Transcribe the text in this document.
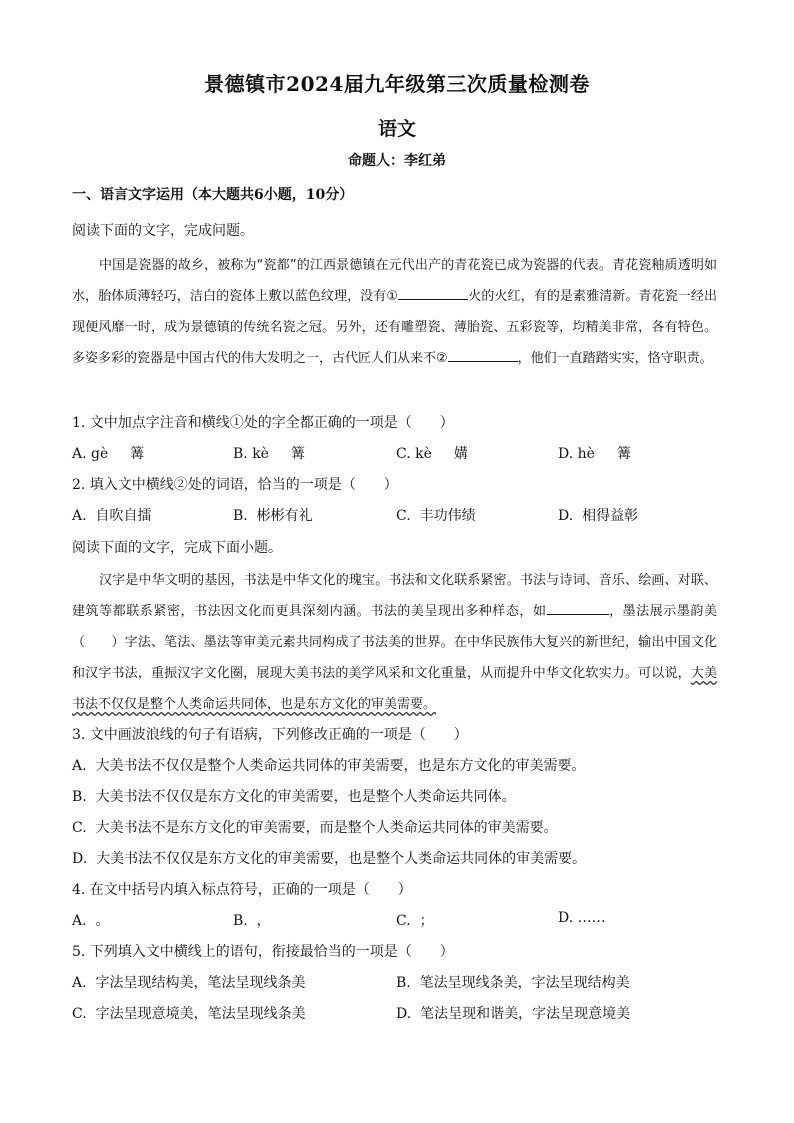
景德镇市2024届九年级第三次质量检测卷
语文
命题人：李红弟
一、语言文字运用（本大题共6小题，10分）
阅读下面的文字，完成问题。
中国是瓷器的故乡，被称为“瓷都”的江西景德镇在元代出产的青花瓷已成为瓷器的代表。青花瓷釉质透明如水，胎体质薄轻巧，洁白的瓷体上敷以蓝色纹理，没有①	火的火红，有的是素雅清新。青花瓷一经出现便风靡一时，成为景德镇的传统名瓷之冠。另外，还有雕塑瓷、薄胎瓷、五彩瓷等，均精美非常，各有特色。多姿多彩的瓷器是中国古代的伟大发明之一，古代匠人们从来不②	，他们一直踏踏实实，恪守职责。
1. 文中加点字注音和横线①处的字全都正确的一项是（　　）
A. gè 篝	B. kè 篝	C. kè 媾	D. hè 篝
2. 填入文中横线②处的词语，恰当的一项是（　　）
A. 自吹自擂	B. 彬彬有礼	C. 丰功伟绩	D. 相得益彰
阅读下面的文字，完成下面小题。
汉字是中华文明的基因，书法是中华文化的瑰宝。书法和文化联系紧密。书法与诗词、音乐、绘画、对联、建筑等都联系紧密，书法因文化而更具深刻内涵。书法的美呈现出多种样态，如	，墨法展示墨韵美（　　）字法、笔法、墨法等审美元素共同构成了书法美的世界。在中华民族伟大复兴的新世纪，输出中国文化和汉字书法，重振汉字文化圈，展现大美书法的美学风采和文化重量，从而提升中华文化软实力。可以说，大美书法不仅仅是整个人类命运共同体，也是东方文化的审美需要。
3. 文中画波浪线的句子有语病，下列修改正确的一项是（　　）
A. 大美书法不仅仅是整个人类命运共同体的审美需要，也是东方文化的审美需要。
B. 大美书法不仅仅是东方文化的审美需要，也是整个人类命运共同体。
C. 大美书法不是东方文化的审美需要，而是整个人类命运共同体的审美需要。
D. 大美书法不仅仅是东方文化的审美需要，也是整个人类命运共同体的审美需要。
4. 在文中括号内填入标点符号，正确的一项是（　　）
A. 。	B. ，	C. ；	D. ……
5. 下列填入文中横线上的语句，衔接最恰当的一项是（　　）
A. 字法呈现结构美，笔法呈现线条美	B. 笔法呈现线条美，字法呈现结构美
C. 字法呈现意境美，笔法呈现线条美	D. 笔法呈现和谐美，字法呈现意境美
